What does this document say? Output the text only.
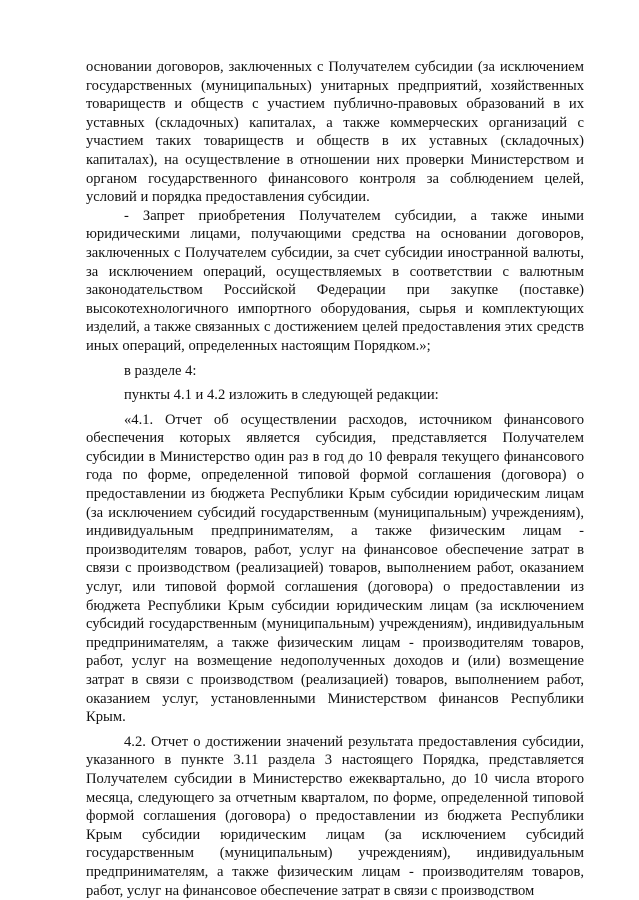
основании договоров, заключенных с Получателем субсидии (за исключением государственных (муниципальных) унитарных предприятий, хозяйственных товариществ и обществ с участием публично-правовых образований в их уставных (складочных) капиталах, а также коммерческих организаций с участием таких товариществ и обществ в их уставных (складочных) капиталах), на осуществление в отношении них проверки Министерством и органом государственного финансового контроля за соблюдением целей, условий и порядка предоставления субсидии.

- Запрет приобретения Получателем субсидии, а также иными юридическими лицами, получающими средства на основании договоров, заключенных с Получателем субсидии, за счет субсидии иностранной валюты, за исключением операций, осуществляемых в соответствии с валютным законодательством Российской Федерации при закупке (поставке) высокотехнологичного импортного оборудования, сырья и комплектующих изделий, а также связанных с достижением целей предоставления этих средств иных операций, определенных настоящим Порядком.»;

в разделе 4:

пункты 4.1 и 4.2 изложить в следующей редакции:

«4.1. Отчет об осуществлении расходов, источником финансового обеспечения которых является субсидия, представляется Получателем субсидии в Министерство один раз в год до 10 февраля текущего финансового года по форме, определенной типовой формой соглашения (договора) о предоставлении из бюджета Республики Крым субсидии юридическим лицам (за исключением субсидий государственным (муниципальным) учреждениям), индивидуальным предпринимателям, а также физическим лицам - производителям товаров, работ, услуг на финансовое обеспечение затрат в связи с производством (реализацией) товаров, выполнением работ, оказанием услуг, или типовой формой соглашения (договора) о предоставлении из бюджета Республики Крым субсидии юридическим лицам (за исключением субсидий государственным (муниципальным) учреждениям), индивидуальным предпринимателям, а также физическим лицам - производителям товаров, работ, услуг на возмещение недополученных доходов и (или) возмещение затрат в связи с производством (реализацией) товаров, выполнением работ, оказанием услуг, установленными Министерством финансов Республики Крым.

4.2. Отчет о достижении значений результата предоставления субсидии, указанного в пункте 3.11 раздела 3 настоящего Порядка, представляется Получателем субсидии в Министерство ежеквартально, до 10 числа второго месяца, следующего за отчетным кварталом, по форме, определенной типовой формой соглашения (договора) о предоставлении из бюджета Республики Крым субсидии юридическим лицам (за исключением субсидий государственным (муниципальным) учреждениям), индивидуальным предпринимателям, а также физическим лицам - производителям товаров, работ, услуг на финансовое обеспечение затрат в связи с производством
